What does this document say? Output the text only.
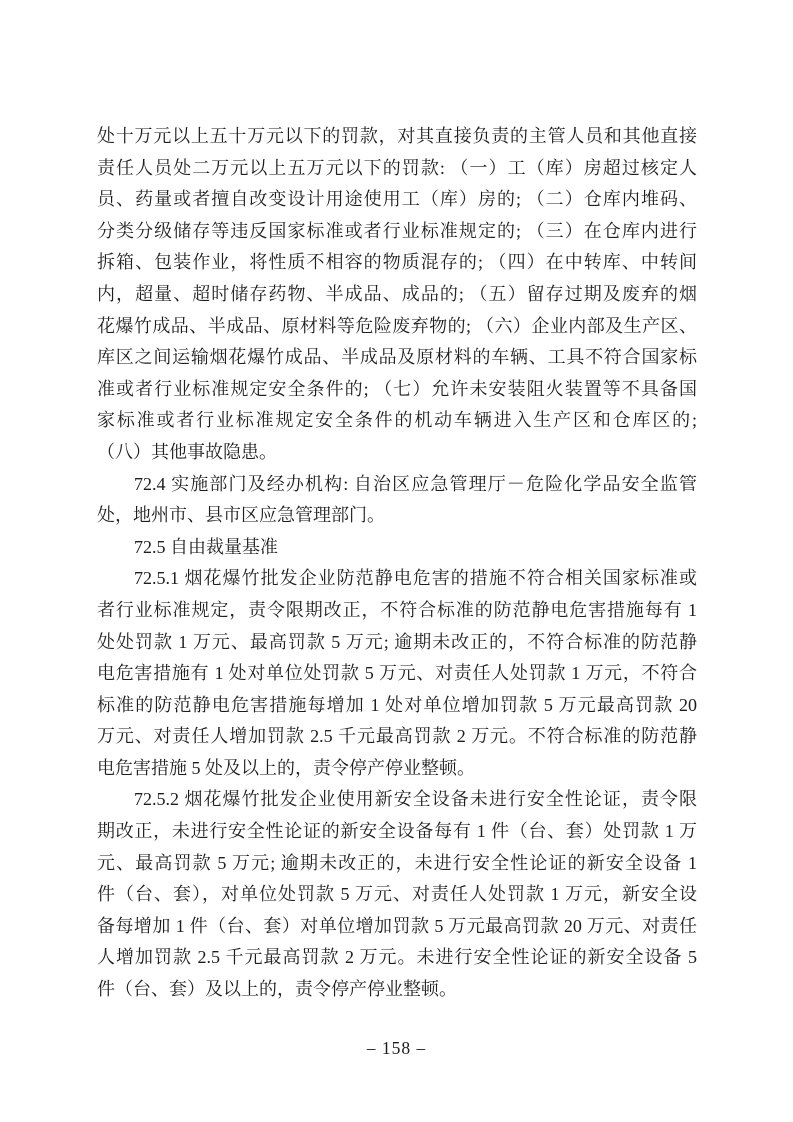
处十万元以上五十万元以下的罚款，对其直接负责的主管人员和其他直接
责任人员处二万元以上五万元以下的罚款: （一）工（库）房超过核定人
员、药量或者擅自改变设计用途使用工（库）房的; （二）仓库内堆码、
分类分级储存等违反国家标准或者行业标准规定的; （三）在仓库内进行
拆箱、包装作业，将性质不相容的物质混存的; （四）在中转库、中转间
内，超量、超时储存药物、半成品、成品的; （五）留存过期及废弃的烟
花爆竹成品、半成品、原材料等危险废弃物的; （六）企业内部及生产区、
库区之间运输烟花爆竹成品、半成品及原材料的车辆、工具不符合国家标
准或者行业标准规定安全条件的; （七）允许未安装阻火装置等不具备国
家标准或者行业标准规定安全条件的机动车辆进入生产区和仓库区的;
（八）其他事故隐患。
72.4 实施部门及经办机构: 自治区应急管理厅－危险化学品安全监管
处，地州市、县市区应急管理部门。
72.5 自由裁量基准
72.5.1 烟花爆竹批发企业防范静电危害的措施不符合相关国家标准或
者行业标准规定，责令限期改正，不符合标准的防范静电危害措施每有 1
处处罚款 1 万元、最高罚款 5 万元; 逾期未改正的，不符合标准的防范静
电危害措施有 1 处对单位处罚款 5 万元、对责任人处罚款 1 万元，不符合
标准的防范静电危害措施每增加 1 处对单位增加罚款 5 万元最高罚款 20
万元、对责任人增加罚款 2.5 千元最高罚款 2 万元。不符合标准的防范静
电危害措施 5 处及以上的，责令停产停业整顿。
72.5.2 烟花爆竹批发企业使用新安全设备未进行安全性论证，责令限
期改正，未进行安全性论证的新安全设备每有 1 件（台、套）处罚款 1 万
元、最高罚款 5 万元; 逾期未改正的，未进行安全性论证的新安全设备 1
件（台、套），对单位处罚款 5 万元、对责任人处罚款 1 万元，新安全设
备每增加 1 件（台、套）对单位增加罚款 5 万元最高罚款 20 万元、对责任
人增加罚款 2.5 千元最高罚款 2 万元。未进行安全性论证的新安全设备 5
件（台、套）及以上的，责令停产停业整顿。
– 158 –
